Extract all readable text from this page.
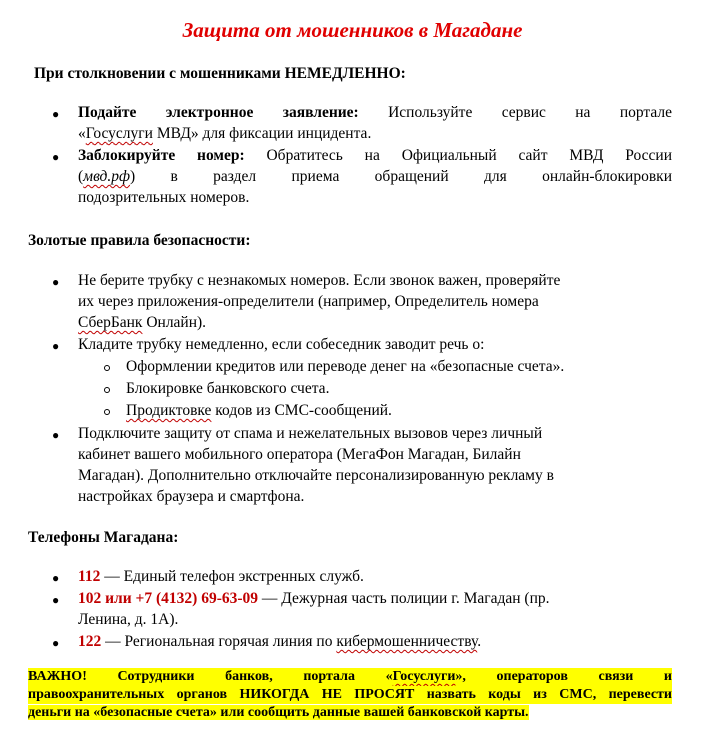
Защита от мошенников в Магадане
При столкновении с мошенниками НЕМЕДЛЕННО:
● Подайте электронное заявление: Используйте сервис на портале
«Госуслуги МВД» для фиксации инцидента.
● Заблокируйте номер: Обратитесь на Официальный сайт МВД России
(мвд.рф) в раздел приема обращений для онлайн-блокировки
подозрительных номеров.
Золотые правила безопасности:
● Не берите трубку с незнакомых номеров. Если звонок важен, проверяйте
их через приложения-определители (например, Определитель номера
СберБанк Онлайн).
● Кладите трубку немедленно, если собеседник заводит речь о:
Оформлении кредитов или переводе денег на «безопасные счета».
Блокировке банковского счета.
Продиктовке кодов из СМС-сообщений.
● Подключите защиту от спама и нежелательных вызовов через личный
кабинет вашего мобильного оператора (МегаФон Магадан, Билайн
Магадан). Дополнительно отключайте персонализированную рекламу в
настройках браузера и смартфона.
Телефоны Магадана:
● 112 — Единый телефон экстренных служб.
● 102 или +7 (4132) 69-63-09 — Дежурная часть полиции г. Магадан (пр.
Ленина, д. 1А).
● 122 — Региональная горячая линия по кибермошенничеству.
ВАЖНО! Сотрудники банков, портала «Госуслуги», операторов связи и
правоохранительных органов НИКОГДА НЕ ПРОСЯТ назвать коды из СМС, перевести
деньги на «безопасные счета» или сообщить данные вашей банковской карты.
